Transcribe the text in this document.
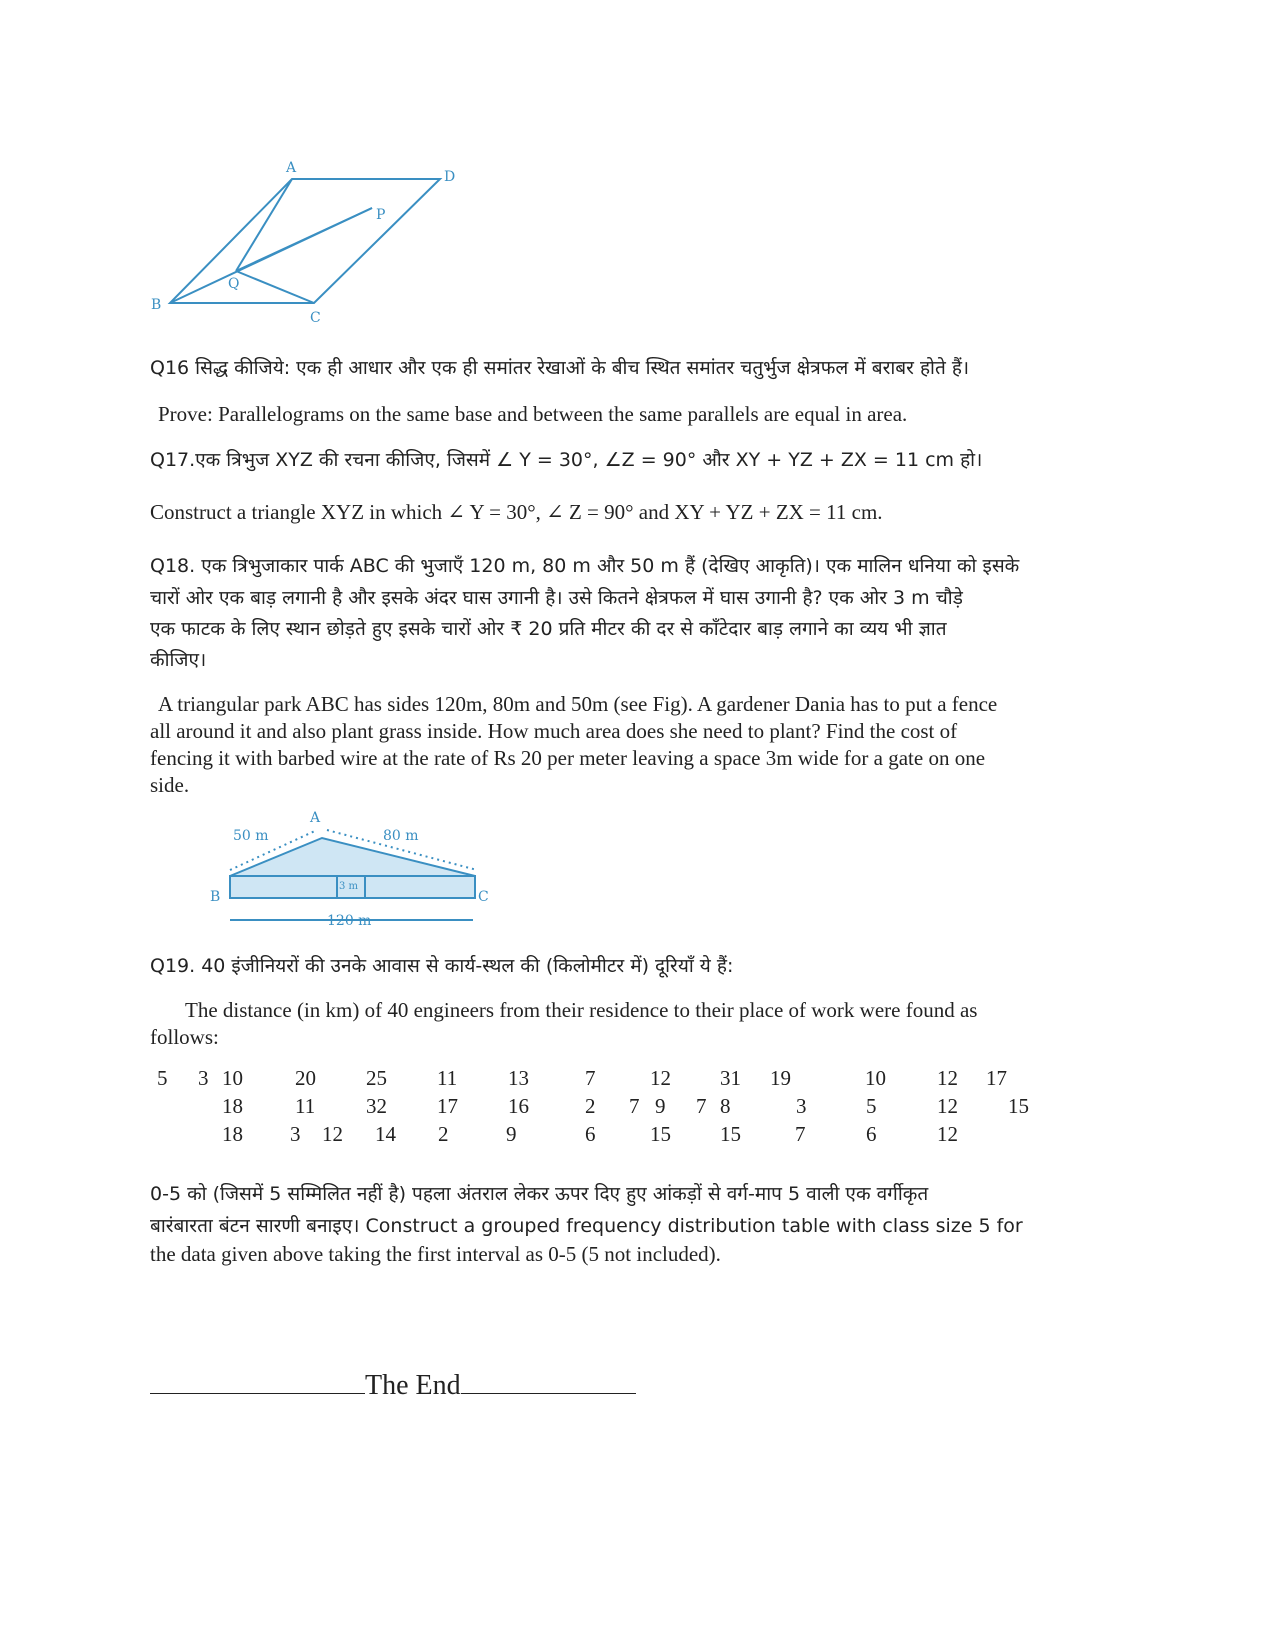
A
D
P
Q
B
C
Q16 सिद्ध कीजिये: एक ही आधार और एक ही समांतर रेखाओं के बीच स्थित समांतर चतुर्भुज क्षेत्रफल में बराबर होते हैं।
Prove: Parallelograms on the same base and between the same parallels are equal in area.
Q17.एक त्रिभुज XYZ की रचना कीजिए, जिसमें ∠ Y = 30°, ∠Z = 90° और XY + YZ + ZX = 11 cm हो।
Construct a triangle XYZ in which ∠ Y = 30°, ∠ Z = 90° and XY + YZ + ZX = 11 cm.
Q18. एक त्रिभुजाकार पार्क ABC की भुजाएँ 120 m, 80 m और 50 m हैं (देखिए आकृति)। एक मालिन धनिया को इसके
चारों ओर एक बाड़ लगानी है और इसके अंदर घास उगानी है। उसे कितने क्षेत्रफल में घास उगानी है? एक ओर 3 m चौड़े
एक फाटक के लिए स्थान छोड़ते हुए इसके चारों ओर ₹ 20 प्रति मीटर की दर से काँटेदार बाड़ लगाने का व्यय भी ज्ञात
कीजिए।
A triangular park ABC has sides 120m, 80m and 50m (see Fig). A gardener Dania has to put a fence
all around it and also plant grass inside. How much area does she need to plant? Find the cost of
fencing it with barbed wire at the rate of Rs 20 per meter leaving a space 3m wide for a gate on one
side.
A
B	C
50 m	80 m
3 m
120 m
Q19. 40 इंजीनियरों की उनके आवास से कार्य-स्थल की (किलोमीटर में) दूरियाँ ये हैं:
The distance (in km) of 40 engineers from their residence to their place of work were found as
follows:
5 3 10 20 25 11 13	7	12 31 19	10 12 17
18 11 32 17 16	2 7 9 7 8	3	5	12 15
18 3 12 14 2	9	6	15 15	7	6	12
0-5 को (जिसमें 5 सम्मिलित नहीं है) पहला अंतराल लेकर ऊपर दिए हुए आंकड़ों से वर्ग-माप 5 वाली एक वर्गीकृत
बारंबारता बंटन सारणी बनाइए। Construct a grouped frequency distribution table with class size 5 for
the data given above taking the first interval as 0-5 (5 not included).
The End
